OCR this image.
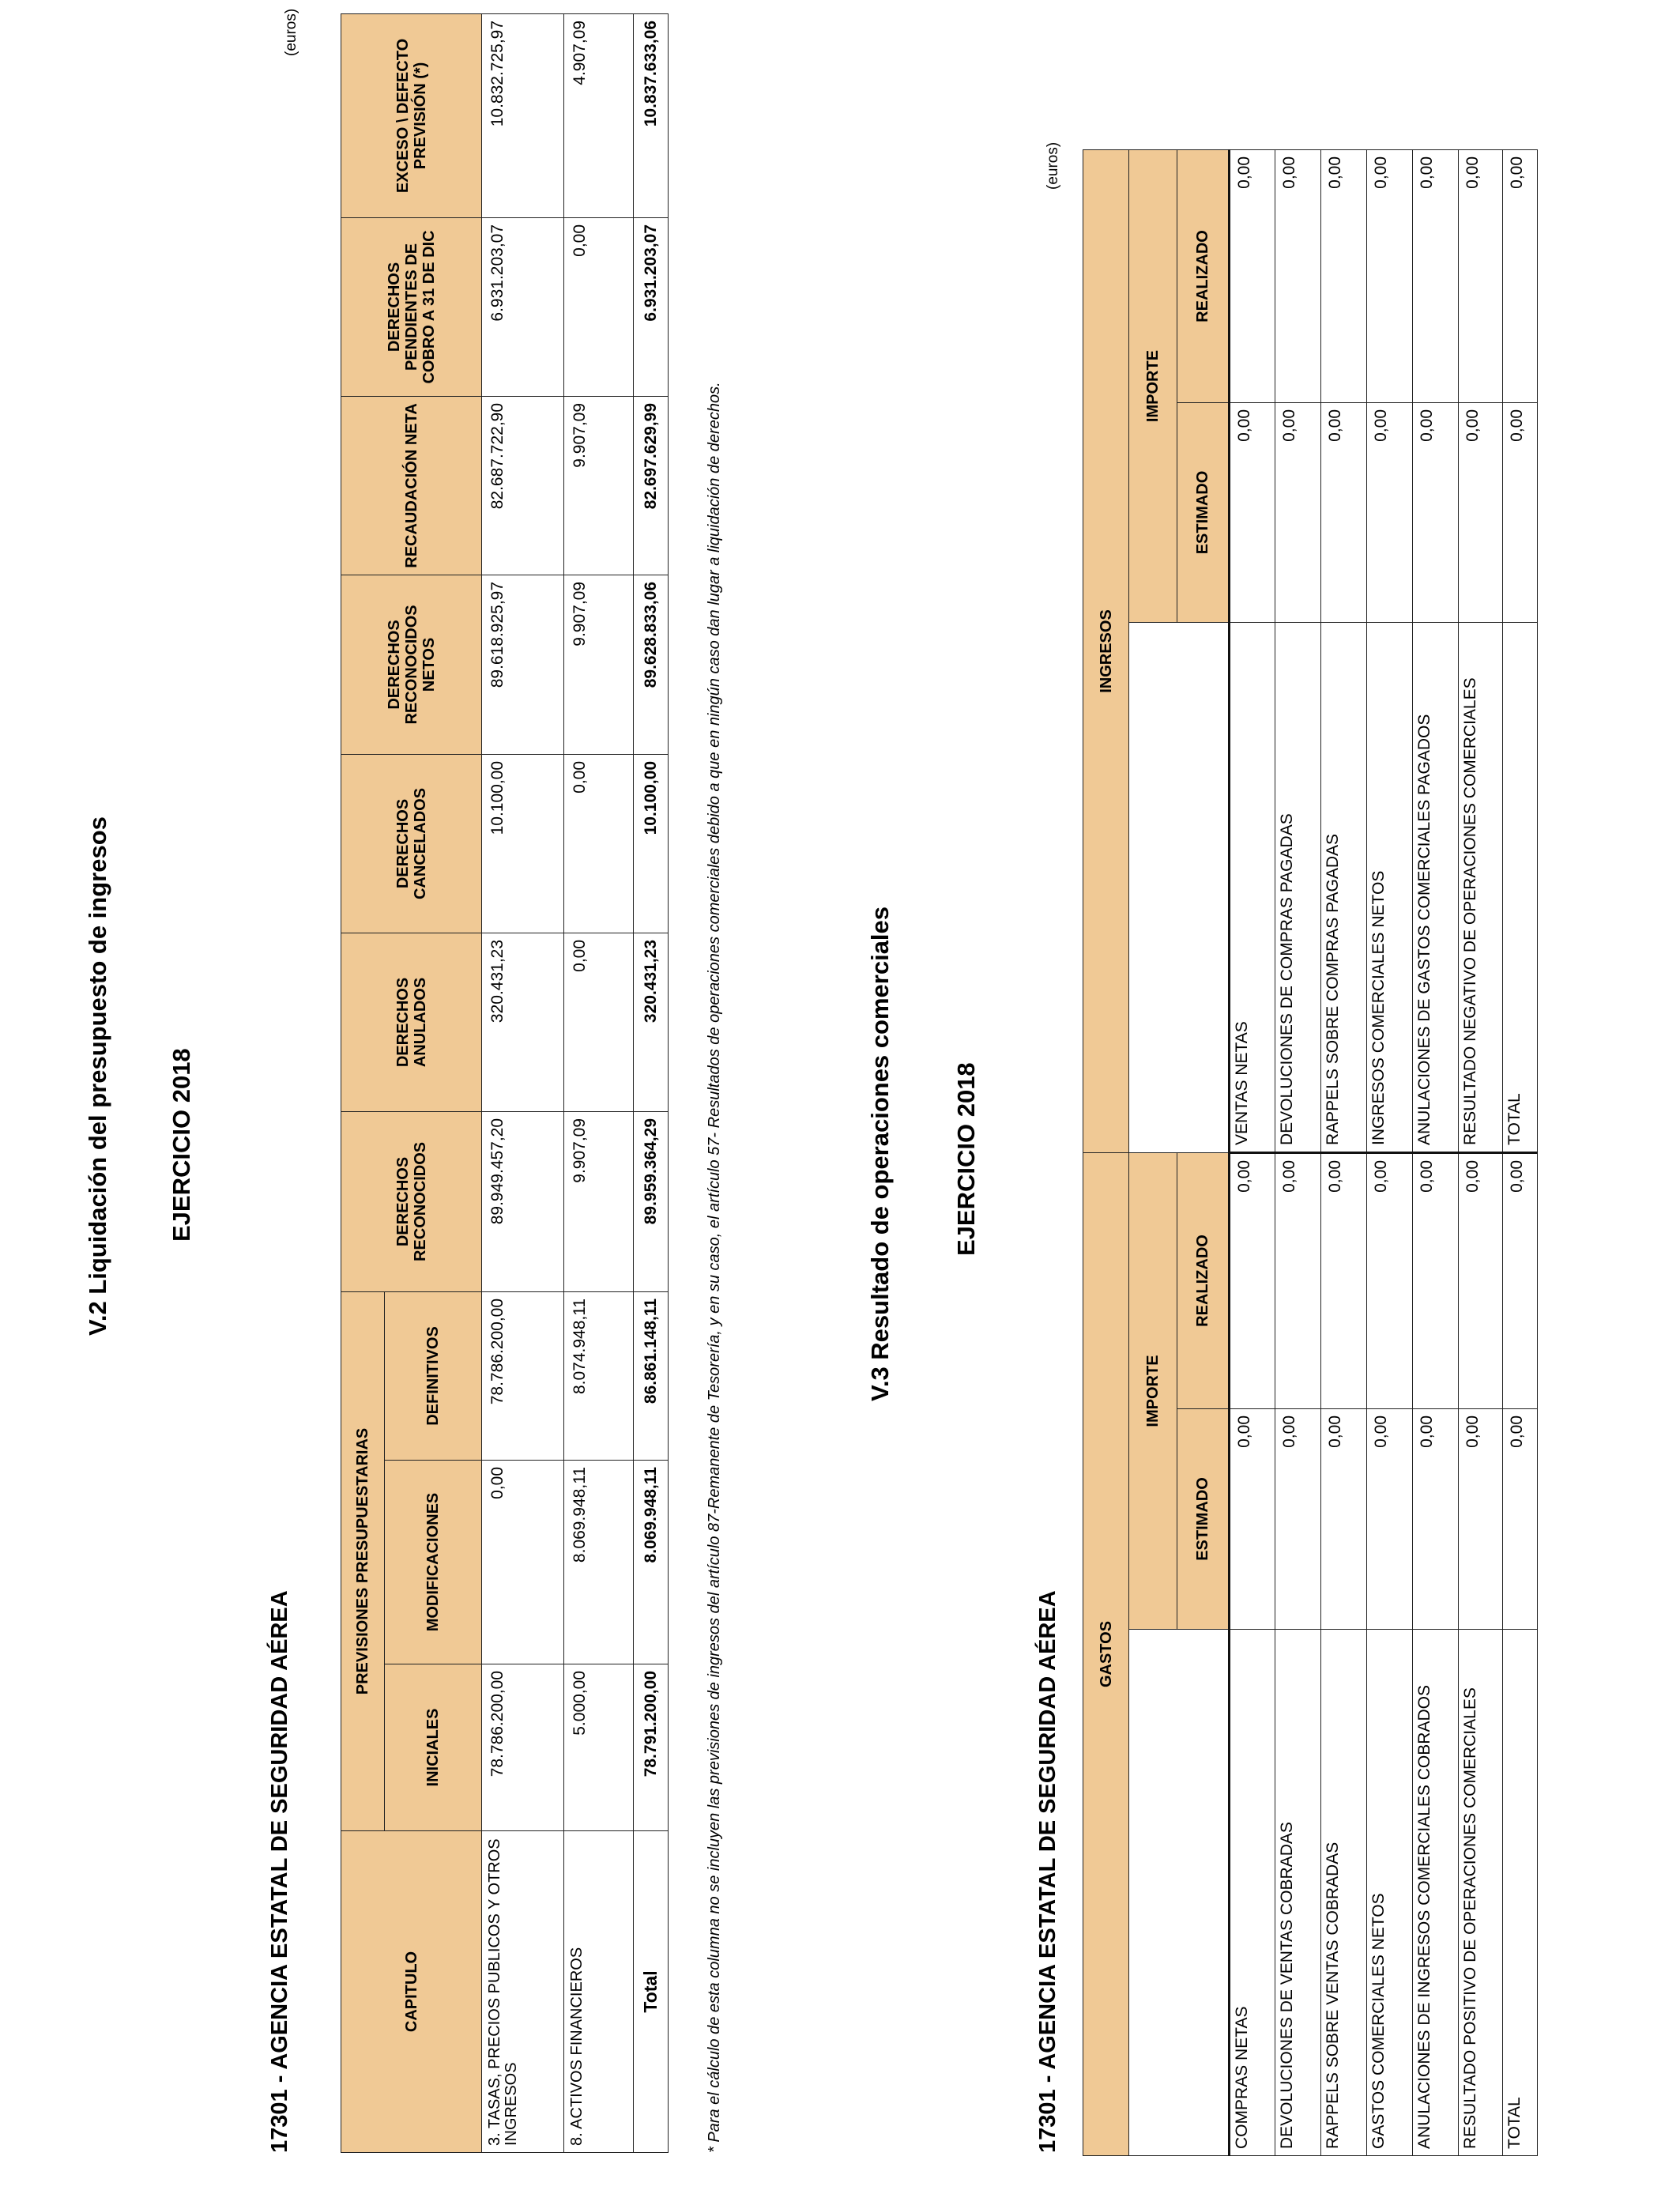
V.2 Liquidación del presupuesto de ingresos EJERCICIO 2018
17301 - AGENCIA ESTATAL DE SEGURIDAD AÉREA
(euros)
CAPITULO	PREVISIONES PRESUPUESTARIAS			DERECHOS RECONOCIDOS	DERECHOS ANULADOS	DERECHOS CANCELADOS	DERECHOS RECONOCIDOS NETOS	RECAUDACIÓN NETA	DERECHOS PENDIENTES DE COBRO A 31 DE DIC	EXCESO \ DEFECTO PREVISIÓN (*)
	INICIALES	MODIFICACIONES	DEFINITIVOS							
3. TASAS, PRECIOS PUBLICOS Y OTROS INGRESOS	78.786.200,00	0,00	78.786.200,00	89.949.457,20	320.431,23	10.100,00	89.618.925,97	82.687.722,90	6.931.203,07	10.832.725,97
8. ACTIVOS FINANCIEROS	5.000,00	8.069.948,11	8.074.948,11	9.907,09	0,00	0,00	9.907,09	9.907,09	0,00	4.907,09
Total	78.791.200,00	8.069.948,11	86.861.148,11	89.959.364,29	320.431,23	10.100,00	89.628.833,06	82.697.629,99	6.931.203,07	10.837.633,06
* Para el cálculo de esta columna no se incluyen las previsiones de ingresos del artículo 87-Remanente de Tesorería, y en su caso, el artículo 57- Resultados de operaciones comerciales debido a que en ningún caso dan lugar a liquidación de derechos.	V.3 Resultado de operaciones comerciales EJERCICIO 2018
17301 - AGENCIA ESTATAL DE SEGURIDAD AÉREA
(euros)
GASTOS			INGRESOS		
	IMPORTE			IMPORTE	
	ESTIMADO	REALIZADO		ESTIMADO	REALIZADO
COMPRAS NETAS	0,00	0,00	VENTAS NETAS	0,00	0,00
DEVOLUCIONES DE VENTAS COBRADAS	0,00	0,00	DEVOLUCIONES DE COMPRAS PAGADAS	0,00	0,00
RAPPELS SOBRE VENTAS COBRADAS	0,00	0,00	RAPPELS SOBRE COMPRAS PAGADAS	0,00	0,00
GASTOS COMERCIALES NETOS	0,00	0,00	INGRESOS COMERCIALES NETOS	0,00	0,00
ANULACIONES DE INGRESOS COMERCIALES COBRADOS	0,00	0,00	ANULACIONES DE GASTOS COMERCIALES PAGADOS	0,00	0,00
RESULTADO POSITIVO DE OPERACIONES COMERCIALES	0,00	0,00	RESULTADO NEGATIVO DE OPERACIONES COMERCIALES	0,00	0,00
TOTAL	0,00	0,00	TOTAL	0,00	0,00
